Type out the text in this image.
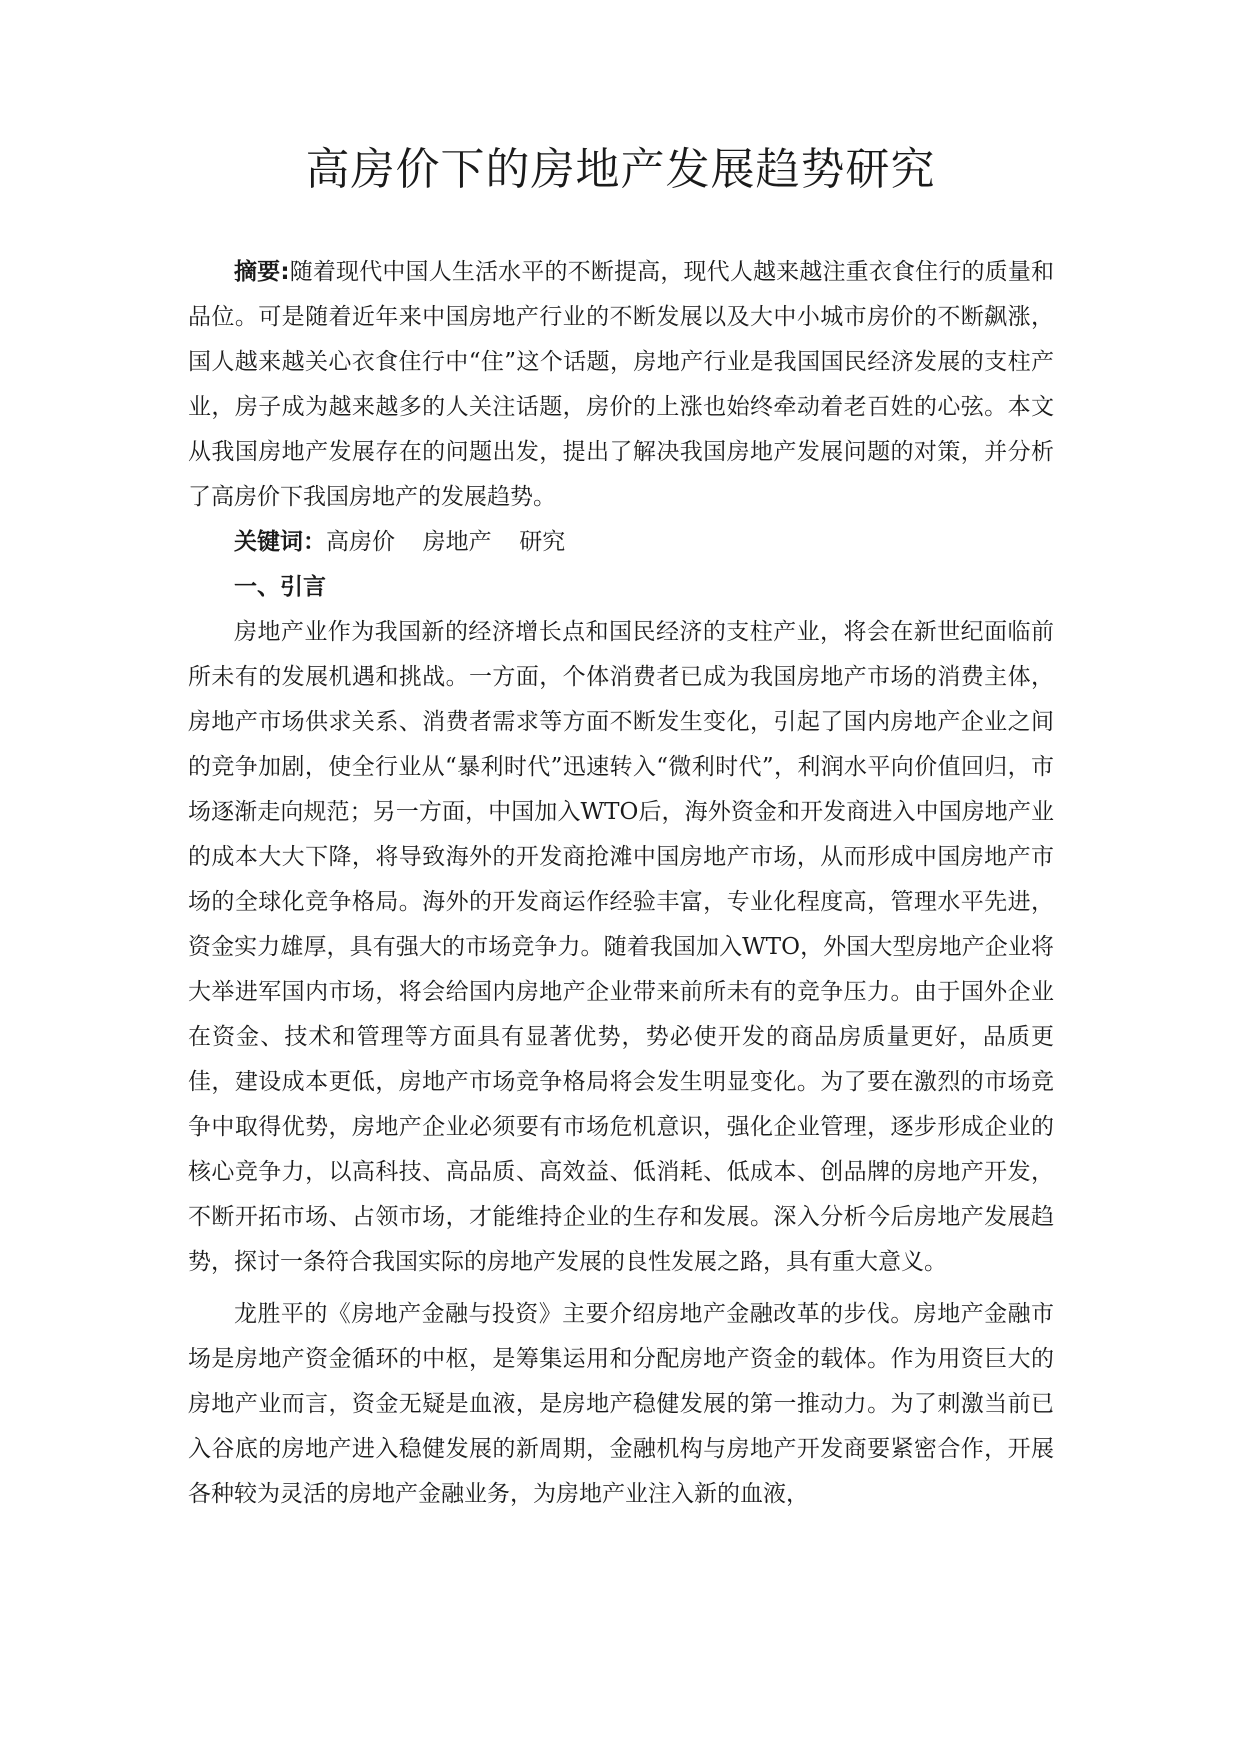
高房价下的房地产发展趋势研究

摘要:随着现代中国人生活水平的不断提高，现代人越来越注重衣食住行的质量和品位。可是随着近年来中国房地产行业的不断发展以及大中小城市房价的不断飙涨，国人越来越关心衣食住行中“住”这个话题，房地产行业是我国国民经济发展的支柱产业，房子成为越来越多的人关注话题，房价的上涨也始终牵动着老百姓的心弦。本文从我国房地产发展存在的问题出发，提出了解决我国房地产发展问题的对策，并分析了高房价下我国房地产的发展趋势。

关键词：高房价 房地产 研究

一、引言

房地产业作为我国新的经济增长点和国民经济的支柱产业，将会在新世纪面临前所未有的发展机遇和挑战。一方面，个体消费者已成为我国房地产市场的消费主体，房地产市场供求关系、消费者需求等方面不断发生变化，引起了国内房地产企业之间的竞争加剧，使全行业从“暴利时代”迅速转入“微利时代”，利润水平向价值回归，市场逐渐走向规范；另一方面，中国加入WTO后，海外资金和开发商进入中国房地产业的成本大大下降，将导致海外的开发商抢滩中国房地产市场，从而形成中国房地产市场的全球化竞争格局。海外的开发商运作经验丰富，专业化程度高，管理水平先进，资金实力雄厚，具有强大的市场竞争力。随着我国加入WTO，外国大型房地产企业将大举进军国内市场，将会给国内房地产企业带来前所未有的竞争压力。由于国外企业在资金、技术和管理等方面具有显著优势，势必使开发的商品房质量更好，品质更佳，建设成本更低，房地产市场竞争格局将会发生明显变化。为了要在激烈的市场竞争中取得优势，房地产企业必须要有市场危机意识，强化企业管理，逐步形成企业的核心竞争力，以高科技、高品质、高效益、低消耗、低成本、创品牌的房地产开发，不断开拓市场、占领市场，才能维持企业的生存和发展。深入分析今后房地产发展趋势，探讨一条符合我国实际的房地产发展的良性发展之路，具有重大意义。

龙胜平的《房地产金融与投资》主要介绍房地产金融改革的步伐。房地产金融市场是房地产资金循环的中枢，是筹集运用和分配房地产资金的载体。作为用资巨大的房地产业而言，资金无疑是血液，是房地产稳健发展的第一推动力。为了刺激当前已入谷底的房地产进入稳健发展的新周期，金融机构与房地产开发商要紧密合作，开展各种较为灵活的房地产金融业务，为房地产业注入新的血液，
